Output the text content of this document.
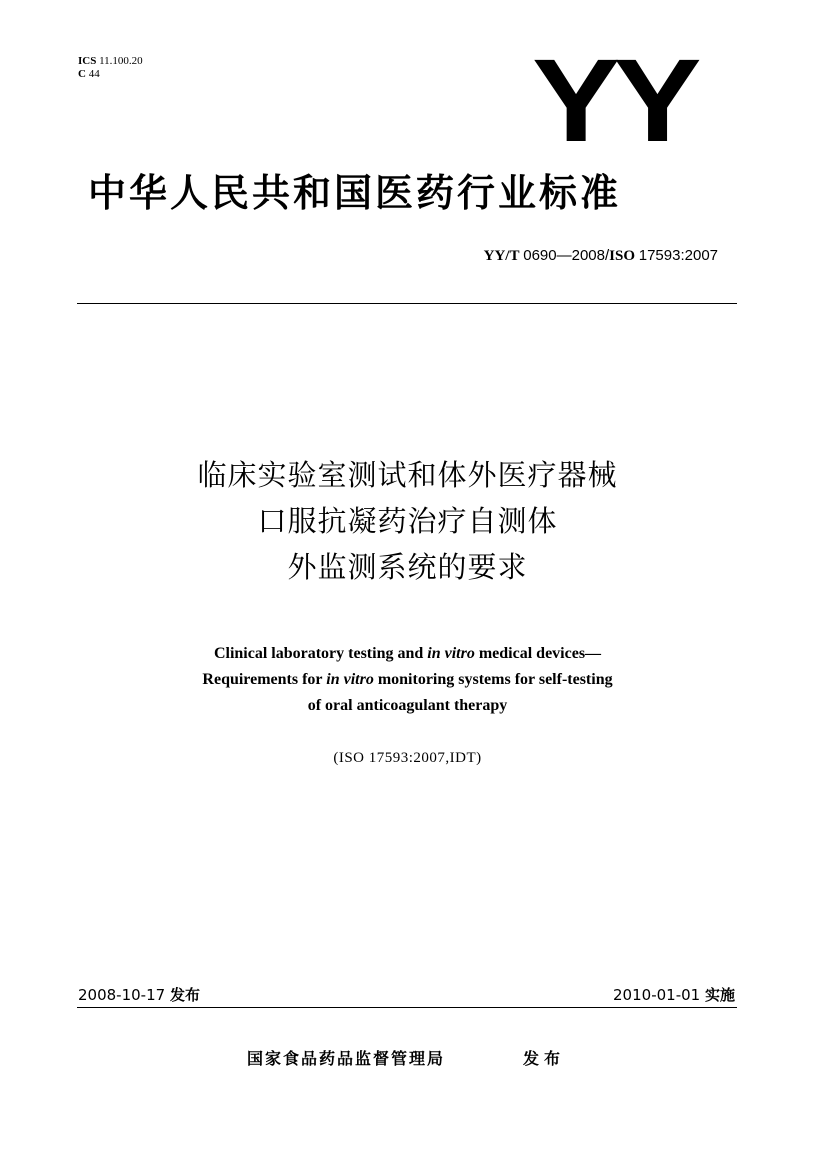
ICS 11.100.20
C 44	YY
中华人民共和国医药行业标准
YY/T 0690—2008/ISO 17593:2007
临床实验室测试和体外医疗器械
口服抗凝药治疗自测体
外监测系统的要求
Clinical laboratory testing and in vitro medical devices—
Requirements for in vitro monitoring systems for self-testing
of oral anticoagulant therapy
(ISO 17593:2007,IDT)
2008-10-17 发布	2010-01-01 实施
国家食品药品监督管理局	发布
